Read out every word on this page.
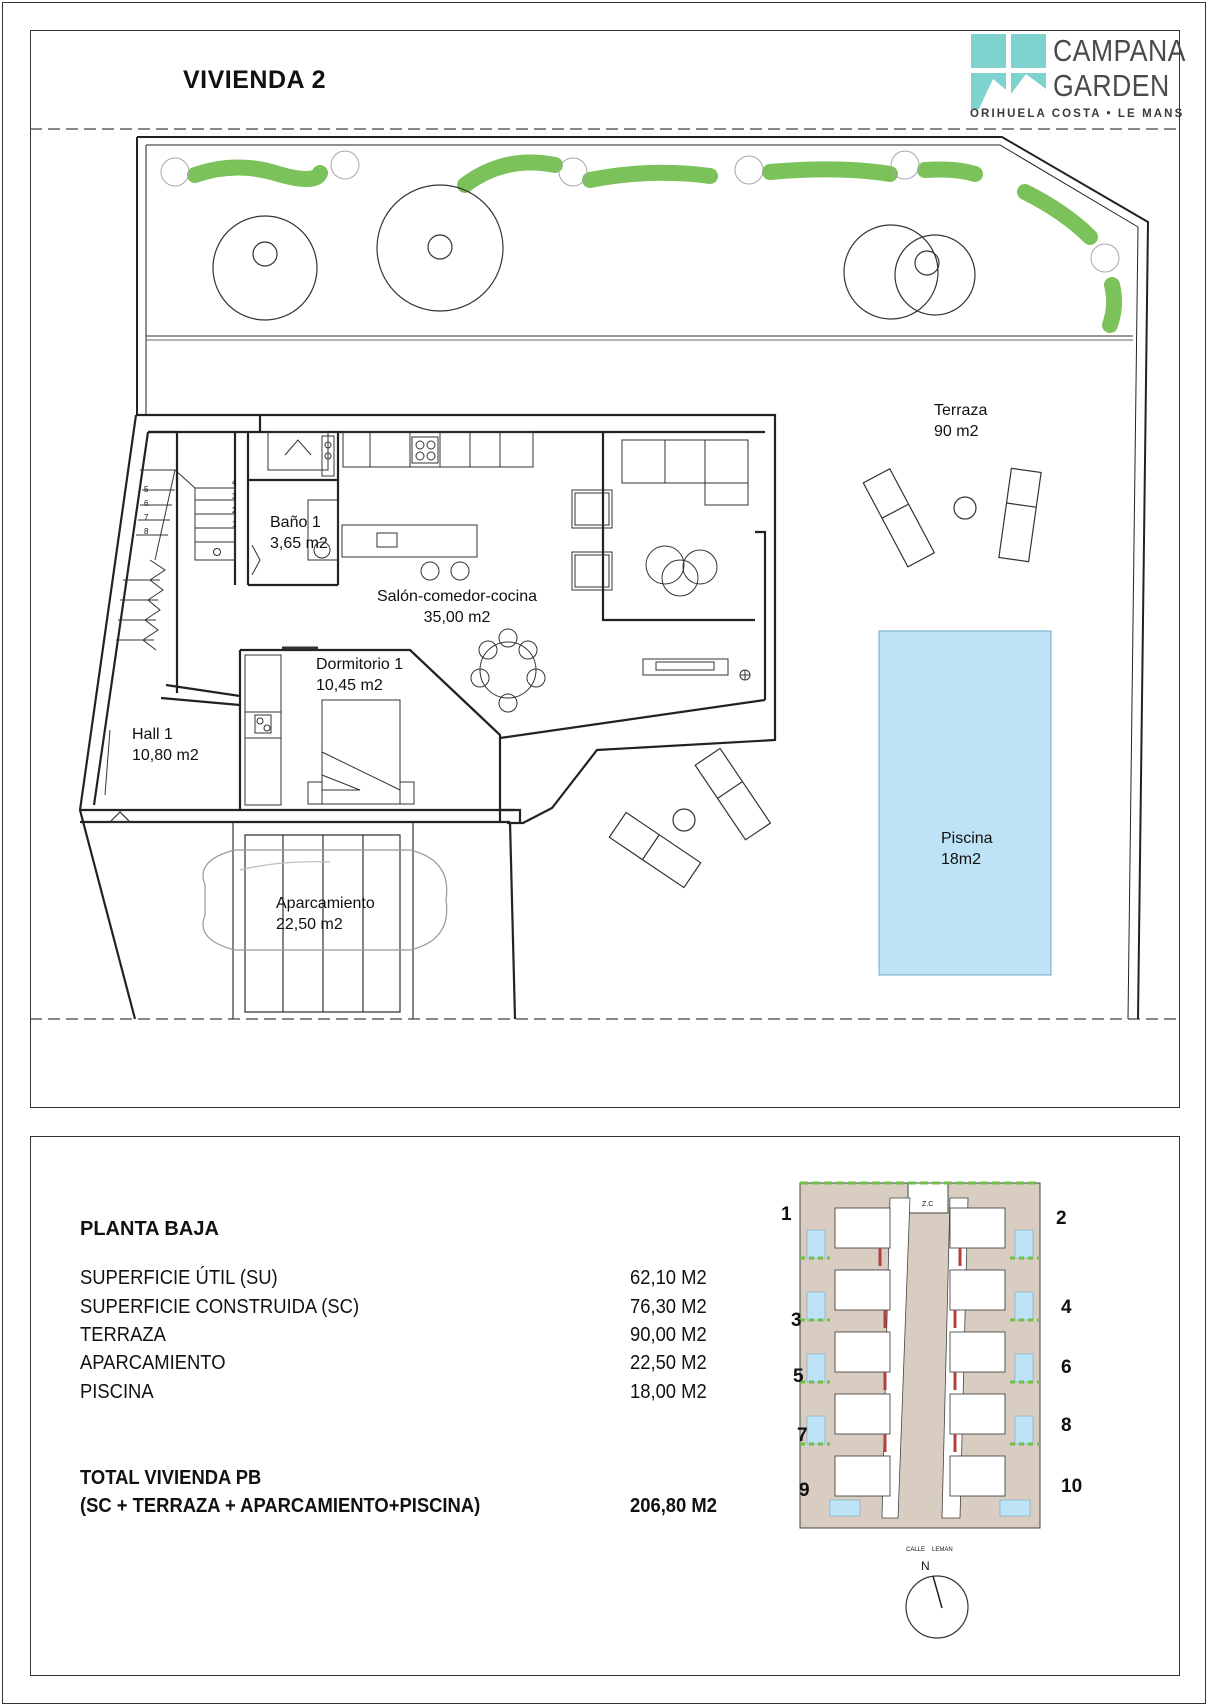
VIVIENDA 2
CAMPANA
GARDEN
ORIHUELA COSTA • LE MANS
5
6
7
8
4
3
2
1
Terraza
90 m2
Baño 1
3,65 m2
Salón-comedor-cocina
35,00 m2
Dormitorio 1
10,45 m2
Hall 1
10,80 m2
Aparcamiento
22,50 m2
Piscina
18m2
PLANTA BAJA
SUPERFICIE ÚTIL (SU)	62,10 M2
SUPERFICIE CONSTRUIDA (SC)	76,30 M2
TERRAZA	90,00 M2
APARCAMIENTO	22,50 M2
PISCINA	18,00 M2
TOTAL VIVIENDA PB
(SC + TERRAZA + APARCAMIENTO+PISCINA)	206,80 M2
Z.C
CALLE LEMAN
1
3
5
7
9
2
4
6
8
10
N
